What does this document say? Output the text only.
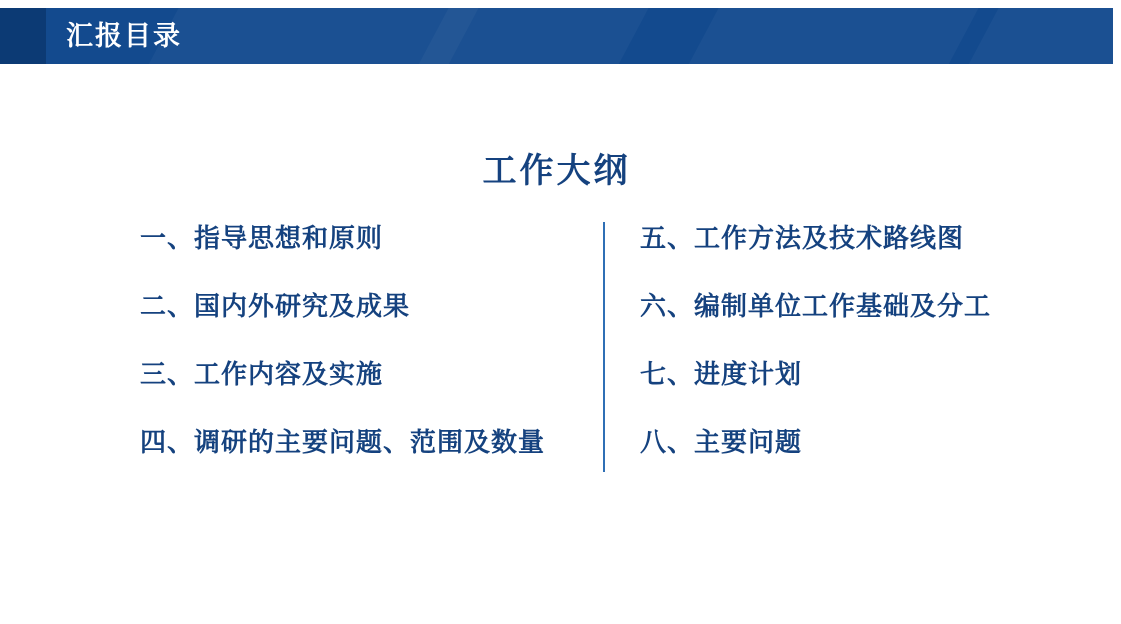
汇报目录
工作大纲
一、指导思想和原则
二、国内外研究及成果
三、工作内容及实施
四、调研的主要问题、范围及数量
五、工作方法及技术路线图
六、编制单位工作基础及分工
七、进度计划
八、主要问题
